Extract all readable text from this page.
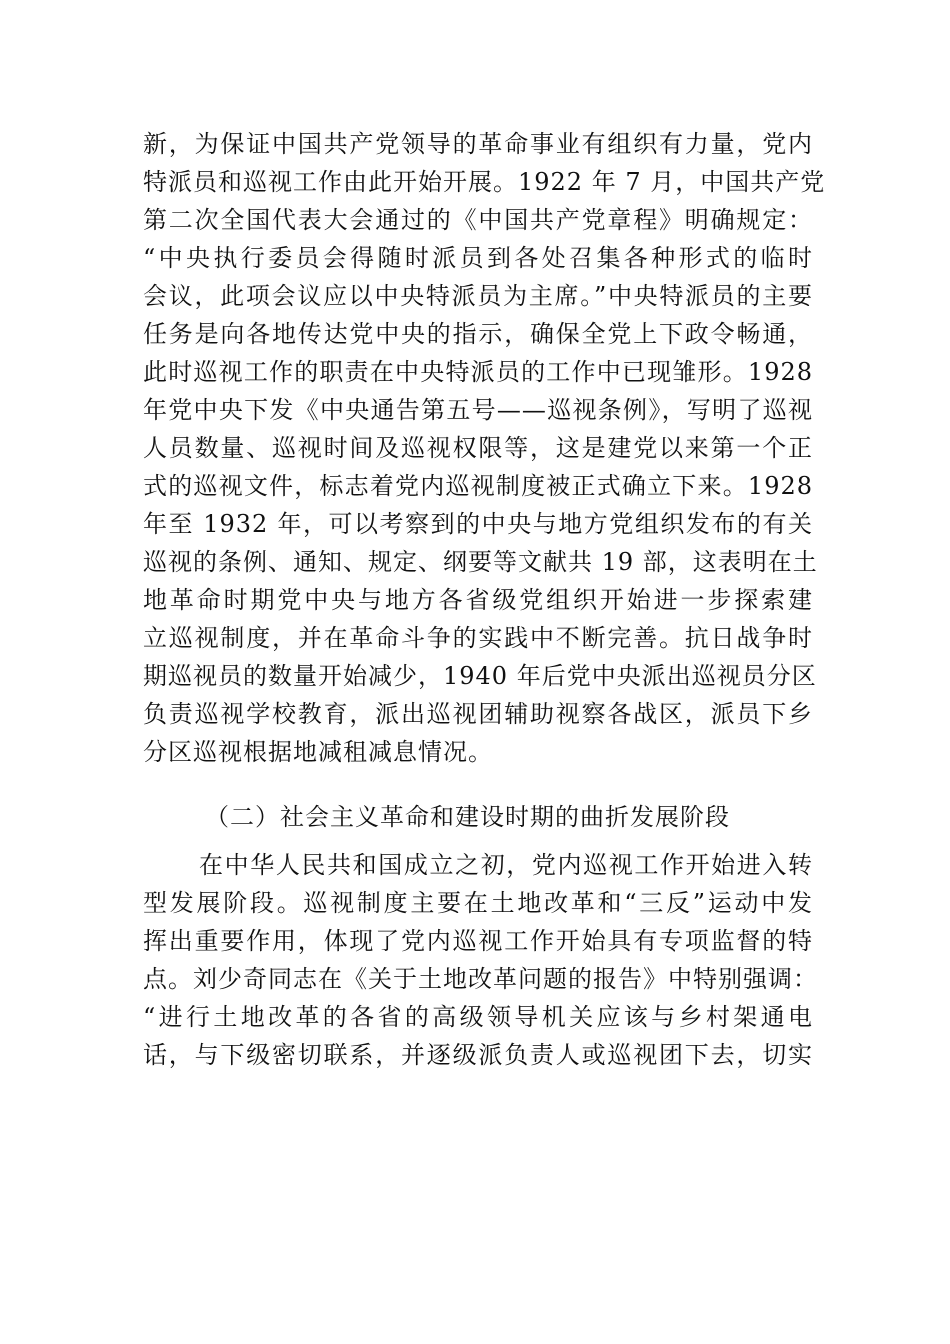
新，为保证中国共产党领导的革命事业有组织有力量，党内
特派员和巡视工作由此开始开展。1922 年 7 月，中国共产党
第二次全国代表大会通过的《中国共产党章程》明确规定：
“中央执行委员会得随时派员到各处召集各种形式的临时
会议，此项会议应以中央特派员为主席。”中央特派员的主要
任务是向各地传达党中央的指示，确保全党上下政令畅通，
此时巡视工作的职责在中央特派员的工作中已现雏形。1928
年党中央下发《中央通告第五号——巡视条例》，写明了巡视
人员数量、巡视时间及巡视权限等，这是建党以来第一个正
式的巡视文件，标志着党内巡视制度被正式确立下来。1928
年至 1932 年，可以考察到的中央与地方党组织发布的有关
巡视的条例、通知、规定、纲要等文献共 19 部，这表明在土
地革命时期党中央与地方各省级党组织开始进一步探索建
立巡视制度，并在革命斗争的实践中不断完善。抗日战争时
期巡视员的数量开始减少，1940 年后党中央派出巡视员分区
负责巡视学校教育，派出巡视团辅助视察各战区，派员下乡
分区巡视根据地减租减息情况。
（二）社会主义革命和建设时期的曲折发展阶段
在中华人民共和国成立之初，党内巡视工作开始进入转
型发展阶段。巡视制度主要在土地改革和“三反”运动中发
挥出重要作用，体现了党内巡视工作开始具有专项监督的特
点。刘少奇同志在《关于土地改革问题的报告》中特别强调：
“进行土地改革的各省的高级领导机关应该与乡村架通电
话，与下级密切联系，并逐级派负责人或巡视团下去，切实
